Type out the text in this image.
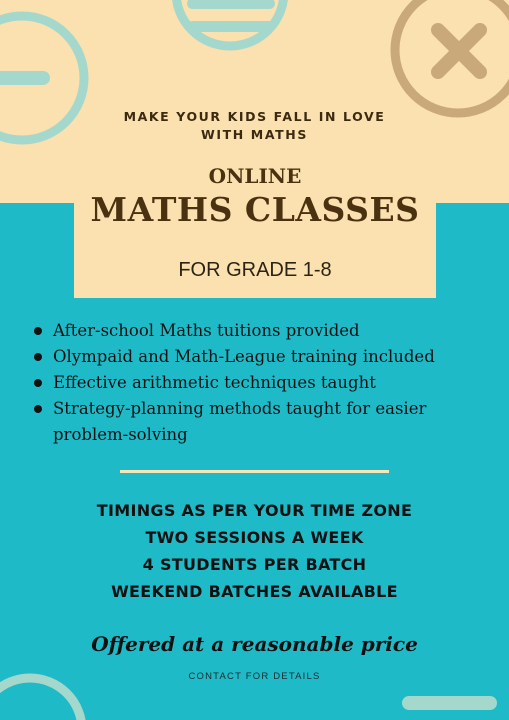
MAKE YOUR KIDS FALL IN LOVE
WITH MATHS
ONLINE
MATHS CLASSES
FOR GRADE 1-8
After-school Maths tuitions provided
Olympaid and Math-League training included
Effective arithmetic techniques taught
Strategy-planning methods taught for easier problem-solving
TIMINGS AS PER YOUR TIME ZONE
TWO SESSIONS A WEEK
4 STUDENTS PER BATCH
WEEKEND BATCHES AVAILABLE
Offered at a reasonable price
CONTACT FOR DETAILS
